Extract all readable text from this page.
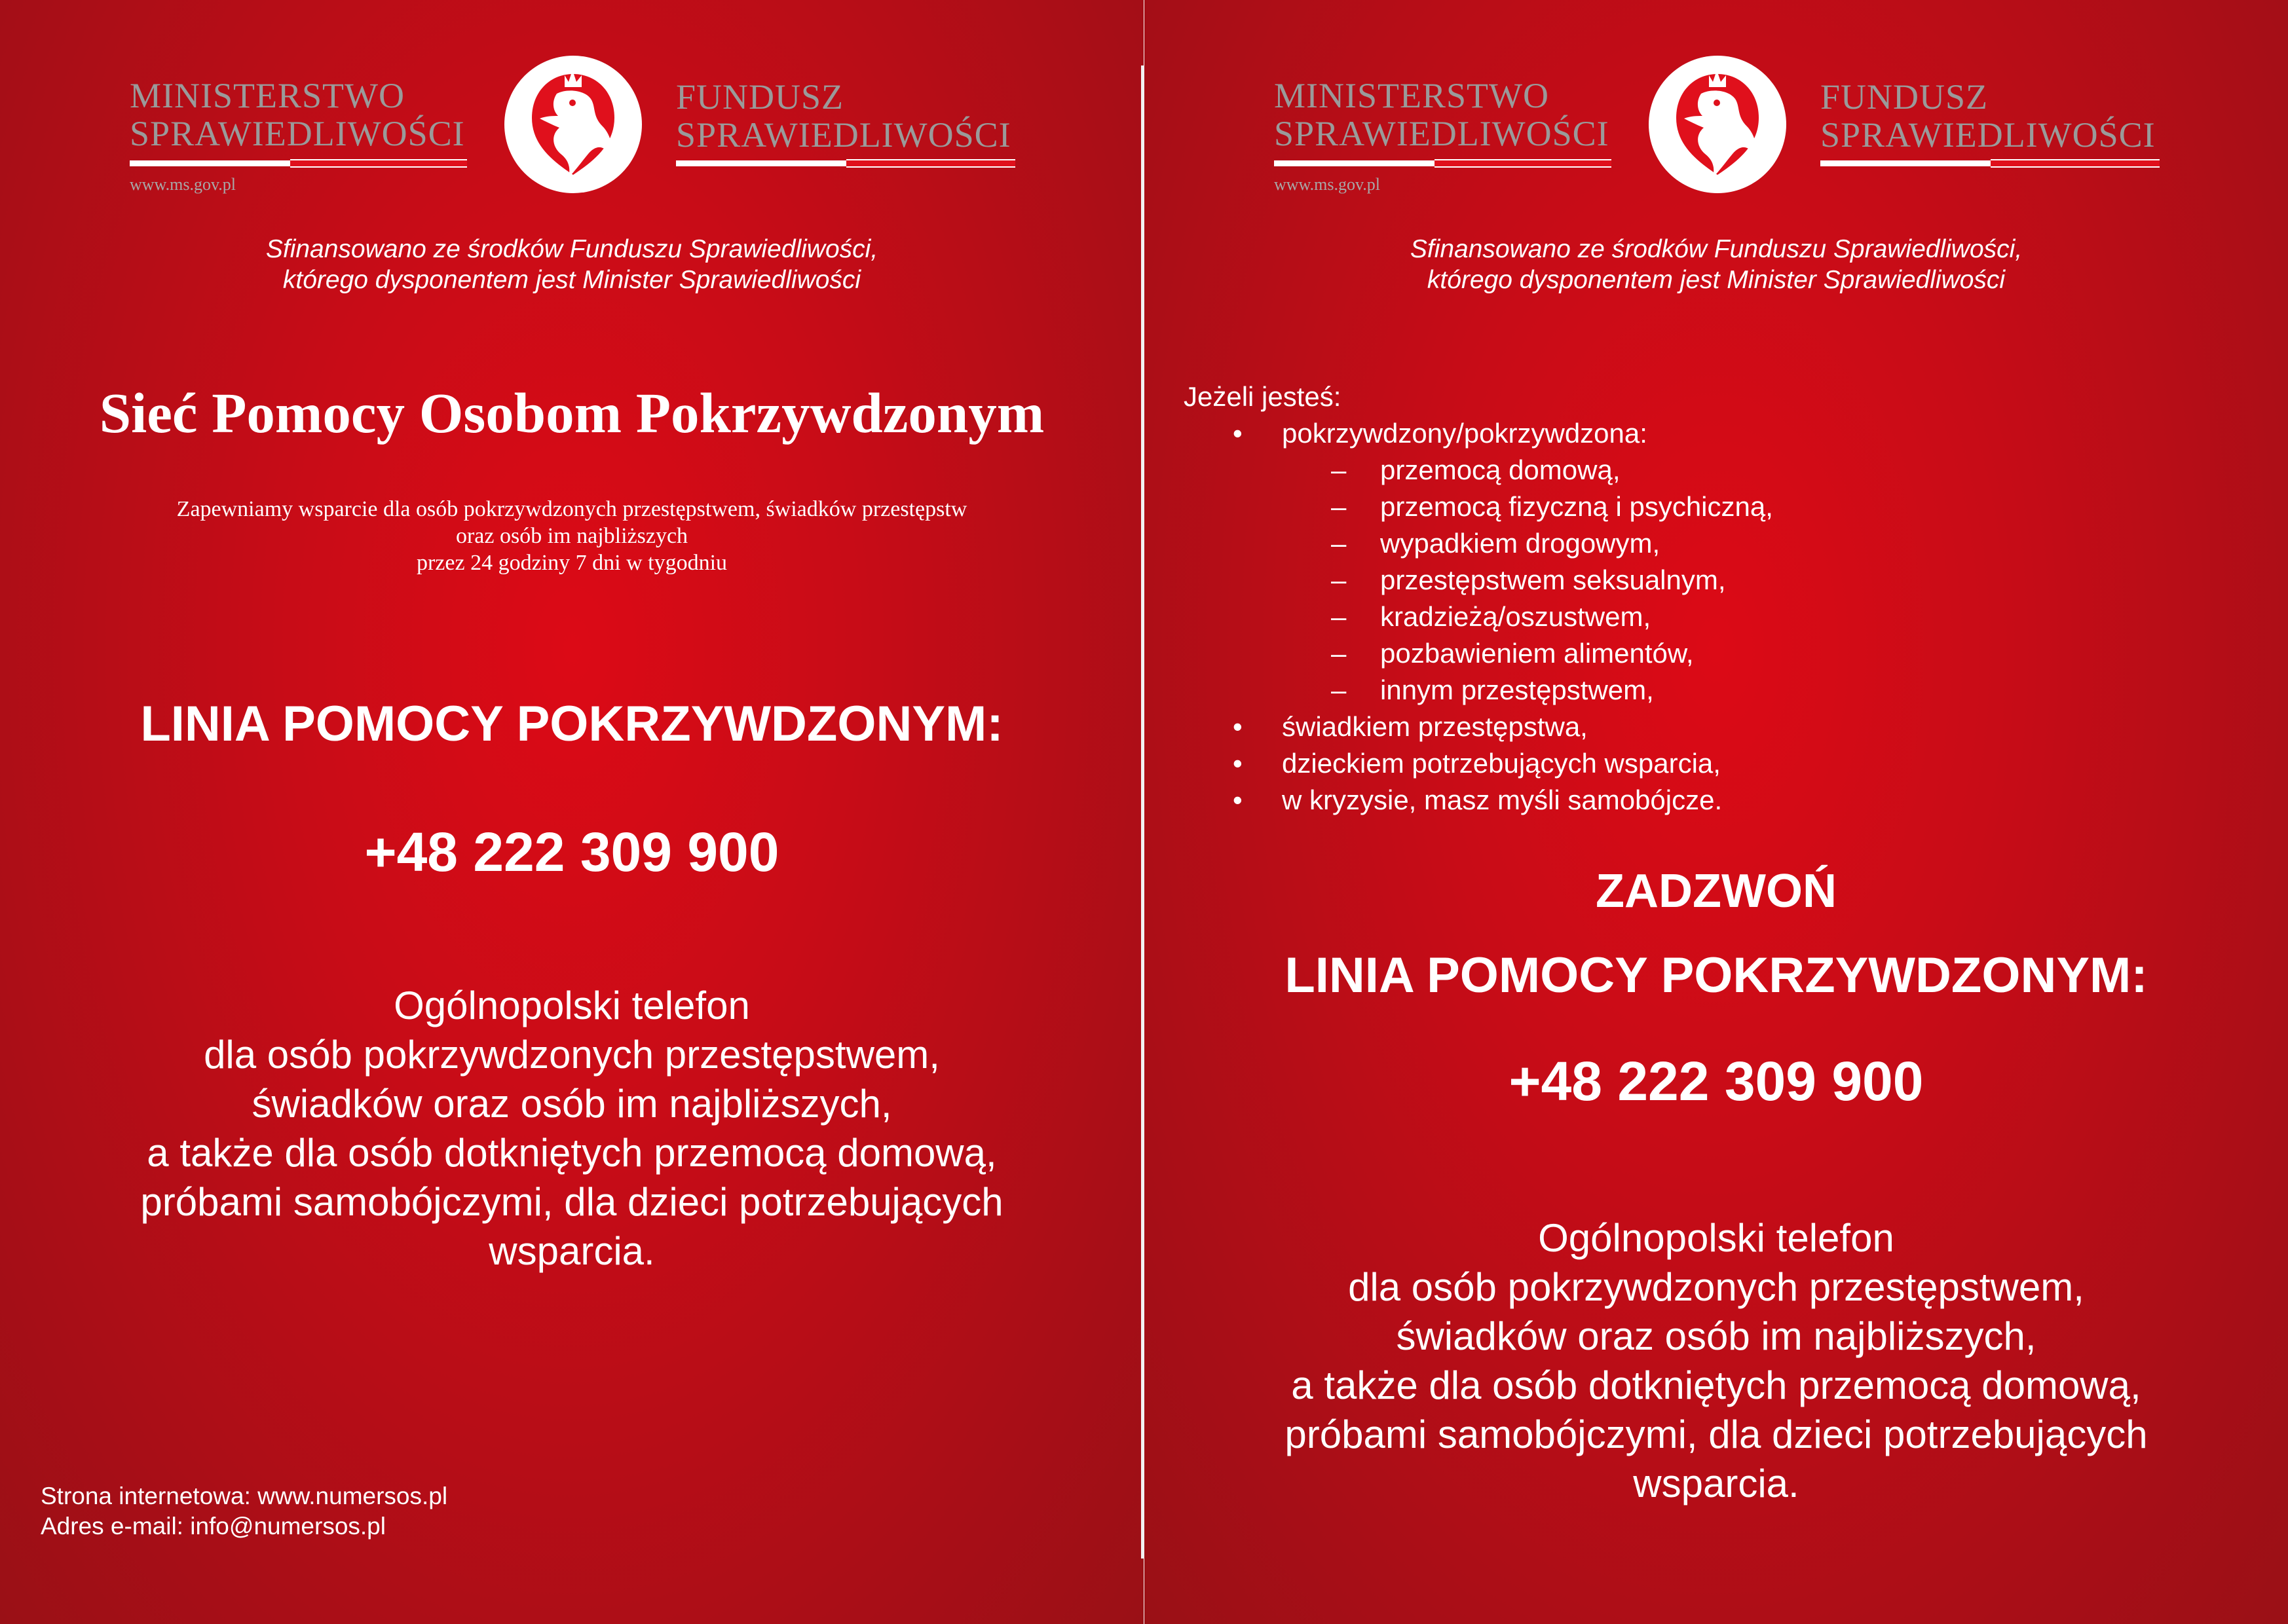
MINISTERSTWO
SPRAWIEDLIWOŚCI
www.ms.gov.pl
FUNDUSZ
SPRAWIEDLIWOŚCI
Sfinansowano ze środków Funduszu Sprawiedliwości,
którego dysponentem jest Minister Sprawiedliwości
Sieć Pomocy Osobom Pokrzywdzonym
Zapewniamy wsparcie dla osób pokrzywdzonych przestępstwem, świadków przestępstw
oraz osób im najbliższych
przez 24 godziny 7 dni w tygodniu
LINIA POMOCY POKRZYWDZONYM:
+48 222 309 900
Ogólnopolski telefon
dla osób pokrzywdzonych przestępstwem,
świadków oraz osób im najbliższych,
a także dla osób dotkniętych przemocą domową,
próbami samobójczymi, dla dzieci potrzebujących
wsparcia.
Strona internetowa: www.numersos.pl
Adres e-mail: info@numersos.pl
MINISTERSTWO
SPRAWIEDLIWOŚCI
www.ms.gov.pl
FUNDUSZ
SPRAWIEDLIWOŚCI
Sfinansowano ze środków Funduszu Sprawiedliwości,
którego dysponentem jest Minister Sprawiedliwości
Jeżeli jesteś:
• pokrzywdzony/pokrzywdzona:
– przemocą domową,
– przemocą fizyczną i psychiczną,
– wypadkiem drogowym,
– przestępstwem seksualnym,
– kradzieżą/oszustwem,
– pozbawieniem alimentów,
– innym przestępstwem,
• świadkiem przestępstwa,
• dzieckiem potrzebujących wsparcia,
• w kryzysie, masz myśli samobójcze.
ZADZWOŃ
LINIA POMOCY POKRZYWDZONYM:
+48 222 309 900
Ogólnopolski telefon
dla osób pokrzywdzonych przestępstwem,
świadków oraz osób im najbliższych,
a także dla osób dotkniętych przemocą domową,
próbami samobójczymi, dla dzieci potrzebujących
wsparcia.
